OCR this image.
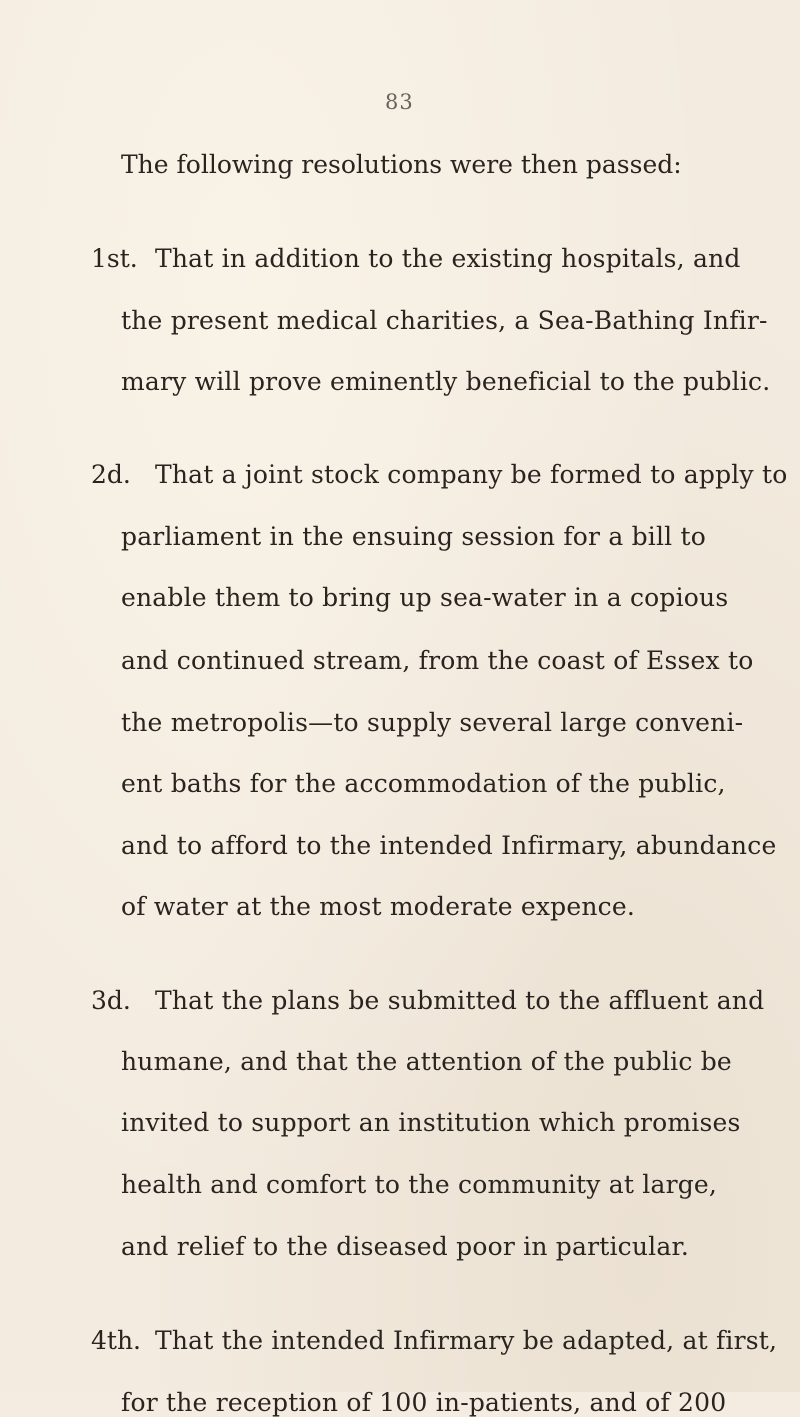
83
The following resolutions were then passed:
1st. That in addition to the existing hospitals, and
the present medical charities, a Sea-Bathing Infir-
mary will prove eminently beneficial to the public.
2d. That a joint stock company be formed to apply to
parliament in the ensuing session for a bill to
enable them to bring up sea-water in a copious
and continued stream, from the coast of Essex to
the metropolis—to supply several large conveni-
ent baths for the accommodation of the public,
and to afford to the intended Infirmary, abundance
of water at the most moderate expence.
3d. That the plans be submitted to the affluent and
humane, and that the attention of the public be
invited to support an institution which promises
health and comfort to the community at large,
and relief to the diseased poor in particular.
4th. That the intended Infirmary be adapted, at first,
for the reception of 100 in-patients, and of 200
